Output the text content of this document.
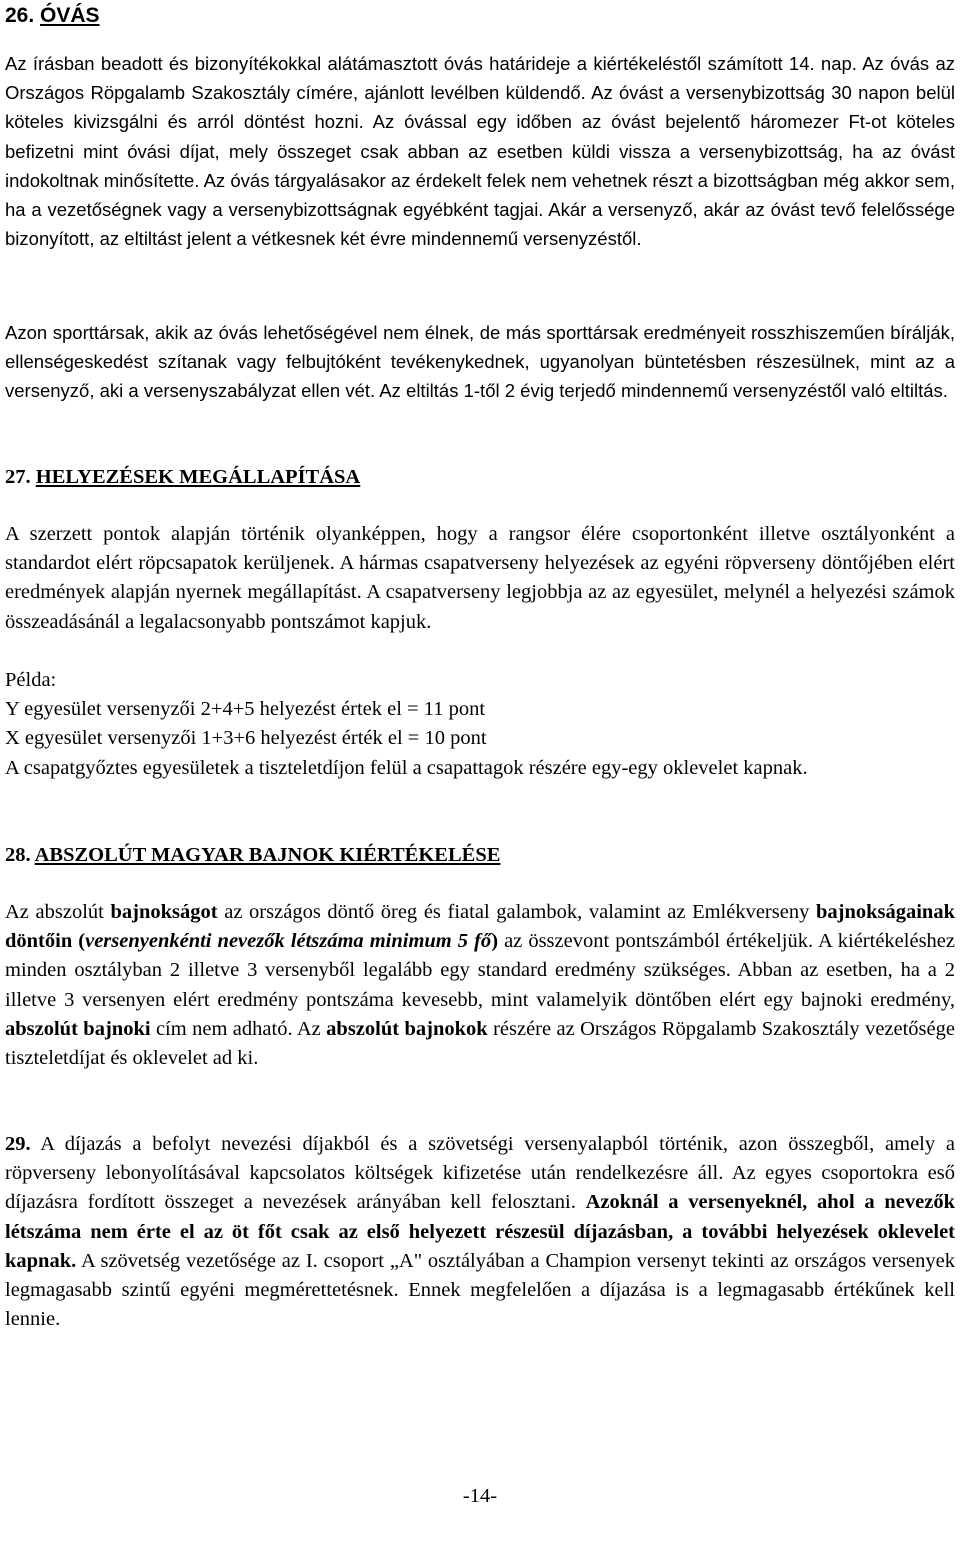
26. ÓVÁS

Az írásban beadott és bizonyítékokkal alátámasztott óvás határideje a kiértékeléstől számított 14. nap. Az óvás az Országos Röpgalamb Szakosztály címére, ajánlott levélben küldendő. Az óvást a versenybizottság 30 napon belül köteles kivizsgálni és arról döntést hozni. Az óvással egy időben az óvást bejelentő háromezer Ft-ot köteles befizetni mint óvási díjat, mely összeget csak abban az esetben küldi vissza a versenybizottság, ha az óvást indokoltnak minősítette. Az óvás tárgyalásakor az érdekelt felek nem vehetnek részt a bizottságban még akkor sem, ha a vezetőségnek vagy a versenybizottságnak egyébként tagjai. Akár a versenyző, akár az óvást tevő felelőssége bizonyított, az eltiltást jelent a vétkesnek két évre mindennemű versenyzéstől.

Azon sporttársak, akik az óvás lehetőségével nem élnek, de más sporttársak eredményeit rosszhiszeműen bírálják, ellenségeskedést szítanak vagy felbujtóként tevékenykednek, ugyanolyan büntetésben részesülnek, mint az a versenyző, aki a versenyszabályzat ellen vét. Az eltiltás 1-től 2 évig terjedő mindennemű versenyzéstől való eltiltás.

27. HELYEZÉSEK MEGÁLLAPÍTÁSA

A szerzett pontok alapján történik olyanképpen, hogy a rangsor élére csoportonként illetve osztályonként a standardot elért röpcsapatok kerüljenek. A hármas csapatverseny helyezések az egyéni röpverseny döntőjében elért eredmények alapján nyernek megállapítást. A csapatverseny legjobbja az az egyesület, melynél a helyezési számok összeadásánál a legalacsonyabb pontszámot kapjuk.

Példa:
Y egyesület versenyzői 2+4+5 helyezést értek el = 11 pont
X egyesület versenyzői 1+3+6 helyezést érték el = 10 pont

A csapatgyőztes egyesületek a tiszteletdíjon felül a csapattagok részére egy-egy oklevelet kapnak.

28. ABSZOLÚT MAGYAR BAJNOK KIÉRTÉKELÉSE

Az abszolút bajnokságot az országos döntő öreg és fiatal galambok, valamint az Emlékverseny bajnokságainak döntőin (versenyenkénti nevezők létszáma minimum 5 fő) az összevont pontszámból értékeljük. A kiértékeléshez minden osztályban 2 illetve 3 versenyből legalább egy standard eredmény szükséges. Abban az esetben, ha a 2 illetve 3 versenyen elért eredmény pontszáma kevesebb, mint valamelyik döntőben elért egy bajnoki eredmény, abszolút bajnoki cím nem adható. Az abszolút bajnokok részére az Országos Röpgalamb Szakosztály vezetősége tiszteletdíjat és oklevelet ad ki.

29. A díjazás a befolyt nevezési díjakból és a szövetségi versenyalapból történik, azon összegből, amely a röpverseny lebonyolításával kapcsolatos költségek kifizetése után rendelkezésre áll. Az egyes csoportokra eső díjazásra fordított összeget a nevezések arányában kell felosztani. Azoknál a versenyeknél, ahol a nevezők létszáma nem érte el az öt főt csak az első helyezett részesül díjazásban, a további helyezések oklevelet kapnak. A szövetség vezetősége az I. csoport „A" osztályában a Champion versenyt tekinti az országos versenyek legmagasabb szintű egyéni megmérettetésnek. Ennek megfelelően a díjazása is a legmagasabb értékűnek kell lennie.

-14-
